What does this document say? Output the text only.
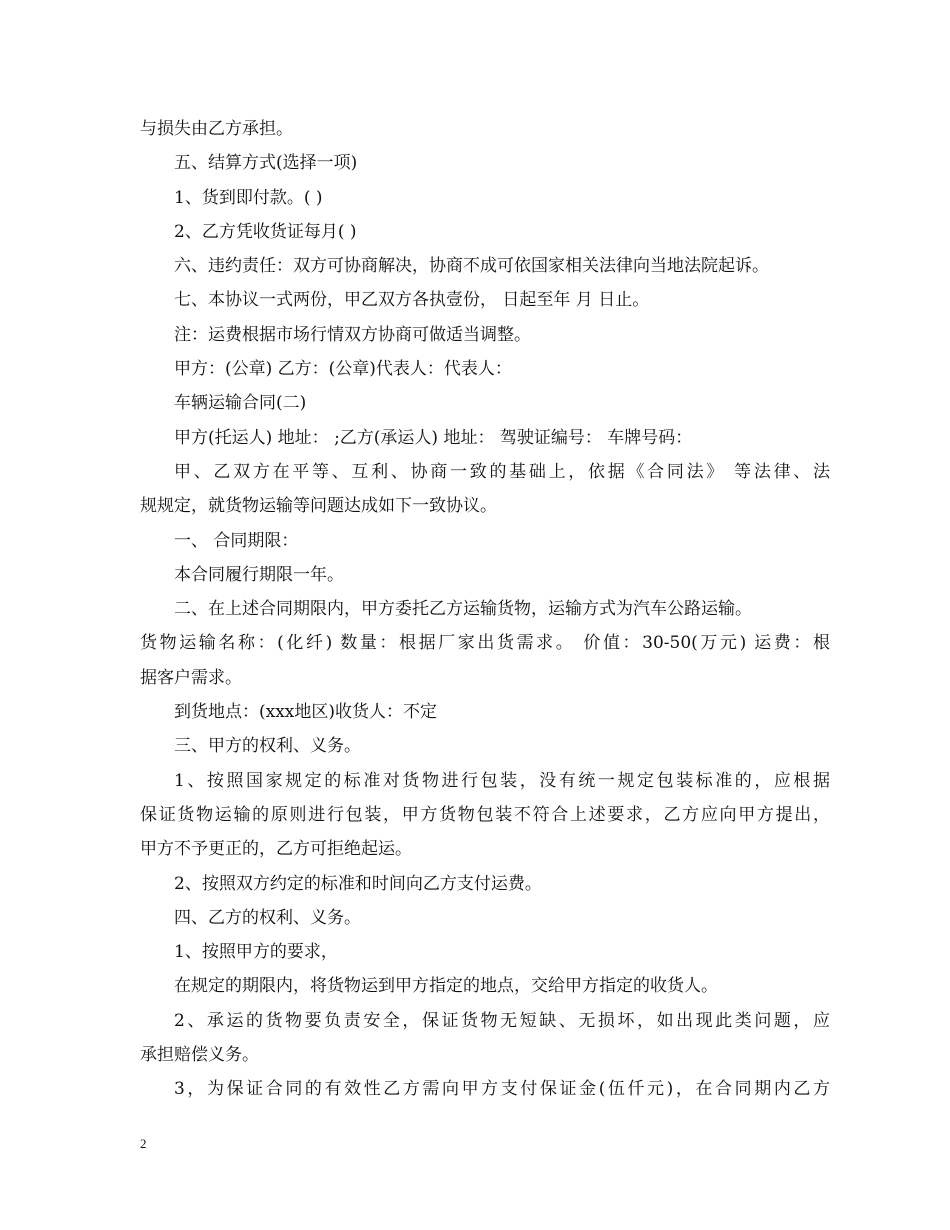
与损失由乙方承担。

五、结算方式(选择一项)

1、货到即付款。( )

2、乙方凭收货证每月( )

六、违约责任：双方可协商解决，协商不成可依国家相关法律向当地法院起诉。

七、本协议一式两份，甲乙双方各执壹份， 日起至年 月 日止。

注：运费根据市场行情双方协商可做适当调整。

甲方：(公章) 乙方：(公章)代表人：代表人：

车辆运输合同(二)

甲方(托运人) 地址： ;乙方(承运人) 地址： 驾驶证编号： 车牌号码：

甲、乙双方在平等、互利、协商一致的基础上，依据《合同法》 等法律、法

规规定，就货物运输等问题达成如下一致协议。

一、 合同期限：

本合同履行期限一年。

二、在上述合同期限内，甲方委托乙方运输货物，运输方式为汽车公路运输。

货物运输名称：(化纤) 数量：根据厂家出货需求。 价值：30-50(万元) 运费：根

据客户需求。

到货地点：(xxx地区)收货人：不定

三、甲方的权利、义务。

1、按照国家规定的标准对货物进行包装，没有统一规定包装标准的，应根据

保证货物运输的原则进行包装，甲方货物包装不符合上述要求，乙方应向甲方提出，

甲方不予更正的，乙方可拒绝起运。

2、按照双方约定的标准和时间向乙方支付运费。

四、乙方的权利、义务。

1、按照甲方的要求，

在规定的期限内，将货物运到甲方指定的地点，交给甲方指定的收货人。

2、承运的货物要负责安全，保证货物无短缺、无损坏，如出现此类问题，应

承担赔偿义务。

3，为保证合同的有效性乙方需向甲方支付保证金(伍仟元)，在合同期内乙方

2
